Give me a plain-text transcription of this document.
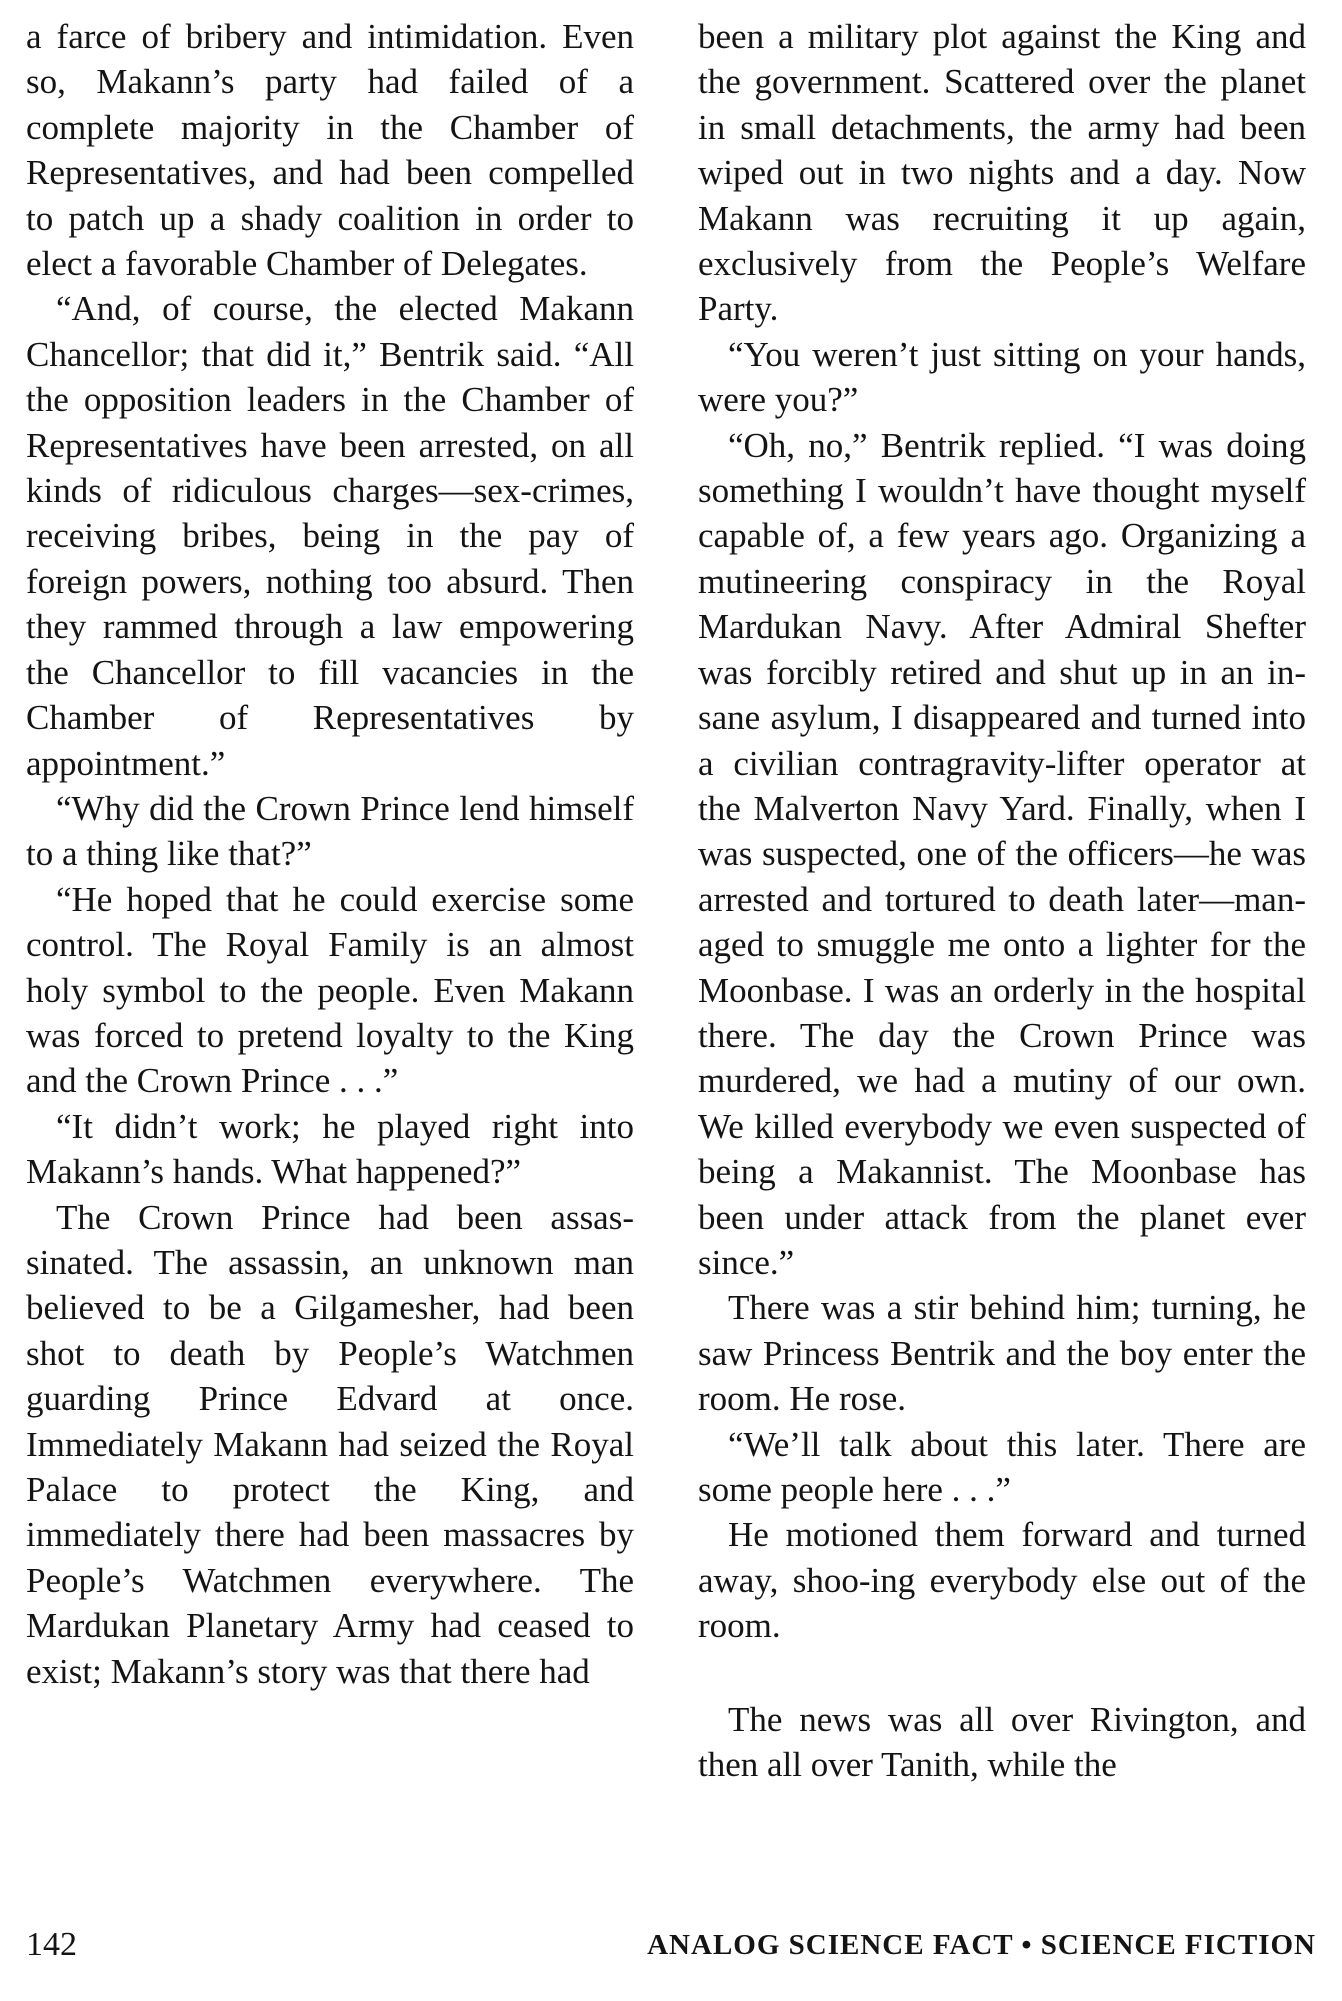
a farce of bribery and intimidation. Even so, Makann’s party had failed of a complete majority in the Chamber of Representatives, and had been compelled to patch up a shady coalition in order to elect a favorable Chamber of Delegates.

“And, of course, the elected Makann Chancellor; that did it,” Bentrik said. “All the opposition leaders in the Chamber of Representatives have been arrested, on all kinds of ridiculous charges—sex-crimes, receiving bribes, being in the pay of foreign powers, nothing too absurd. Then they rammed through a law empowering the Chancellor to fill vacancies in the Chamber of Representatives by appointment.”

“Why did the Crown Prince lend himself to a thing like that?”

“He hoped that he could exercise some control. The Royal Family is an almost holy symbol to the people. Even Makann was forced to pretend loyalty to the King and the Crown Prince . . .”

“It didn’t work; he played right into Makann’s hands. What happened?”

The Crown Prince had been assassinated. The assassin, an unknown man believed to be a Gilgamesher, had been shot to death by People’s Watchmen guarding Prince Edvard at once. Immediately Makann had seized the Royal Palace to protect the King, and immediately there had been massacres by People’s Watchmen everywhere. The Mardukan Planetary Army had ceased to exist; Makann’s story was that there had

been a military plot against the King and the government. Scattered over the planet in small detachments, the army had been wiped out in two nights and a day. Now Makann was recruiting it up again, exclusively from the People’s Welfare Party.

“You weren’t just sitting on your hands, were you?”

“Oh, no,” Bentrik replied. “I was doing something I wouldn’t have thought myself capable of, a few years ago. Organizing a mutineering conspiracy in the Royal Mardukan Navy. After Admiral Shefter was forcibly retired and shut up in an insane asylum, I disappeared and turned into a civilian contragravity-lifter operator at the Malverton Navy Yard. Finally, when I was suspected, one of the officers—he was arrested and tortured to death later—managed to smuggle me onto a lighter for the Moonbase. I was an orderly in the hospital there. The day the Crown Prince was murdered, we had a mutiny of our own. We killed everybody we even suspected of being a Makannist. The Moonbase has been under attack from the planet ever since.”

There was a stir behind him; turning, he saw Princess Bentrik and the boy enter the room. He rose.

“We’ll talk about this later. There are some people here . . .”

He motioned them forward and turned away, shoo-ing everybody else out of the room.

The news was all over Rivington, and then all over Tanith, while the

142	ANALOG SCIENCE FACT • SCIENCE FICTION
